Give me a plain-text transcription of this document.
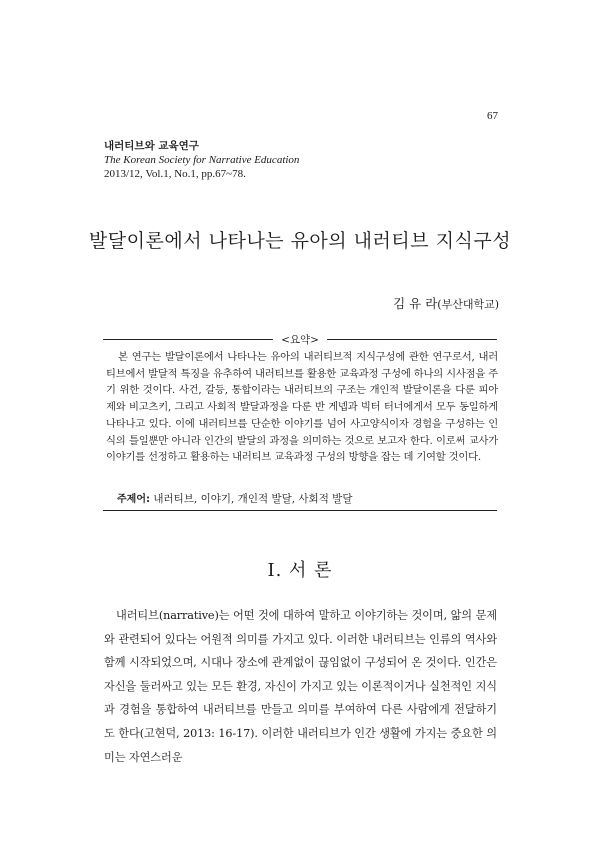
67
내러티브와 교육연구
The Korean Society for Narrative Education
2013/12, Vol.1, No.1, pp.67~78.
발달이론에서 나타나는 유아의 내러티브 지식구성
김 유 라(부산대학교)
<요약>

본 연구는 발달이론에서 나타나는 유아의 내러티브적 지식구성에 관한 연구로서, 내러티브에서 발달적 특징을 유추하여 내러티브를 활용한 교육과정 구성에 하나의 시사점을 주기 위한 것이다. 사건, 갈등, 통합이라는 내러티브의 구조는 개인적 발달이론을 다룬 피아제와 비고츠키, 그리고 사회적 발달과정을 다룬 반 게넵과 빅터 터너에게서 모두 동일하게 나타나고 있다. 이에 내러티브를 단순한 이야기를 넘어 사고양식이자 경험을 구성하는 인식의 틀일뿐만 아니라 인간의 발달의 과정을 의미하는 것으로 보고자 한다. 이로써 교사가 이야기를 선정하고 활용하는 내러티브 교육과정 구성의 방향을 잡는 데 기여할 것이다.

주제어: 내러티브, 이야기, 개인적 발달, 사회적 발달
Ⅰ. 서 론

내러티브(narrative)는 어떤 것에 대하여 말하고 이야기하는 것이며, 앎의 문제와 관련되어 있다는 어원적 의미를 가지고 있다. 이러한 내러티브는 인류의 역사와 함께 시작되었으며, 시대나 장소에 관계없이 끊임없이 구성되어 온 것이다. 인간은 자신을 둘러싸고 있는 모든 환경, 자신이 가지고 있는 이론적이거나 실천적인 지식과 경험을 통합하여 내러티브를 만들고 의미를 부여하여 다른 사람에게 전달하기도 한다(고현덕, 2013: 16-17). 이러한 내러티브가 인간 생활에 가지는 중요한 의미는 자연스러운
